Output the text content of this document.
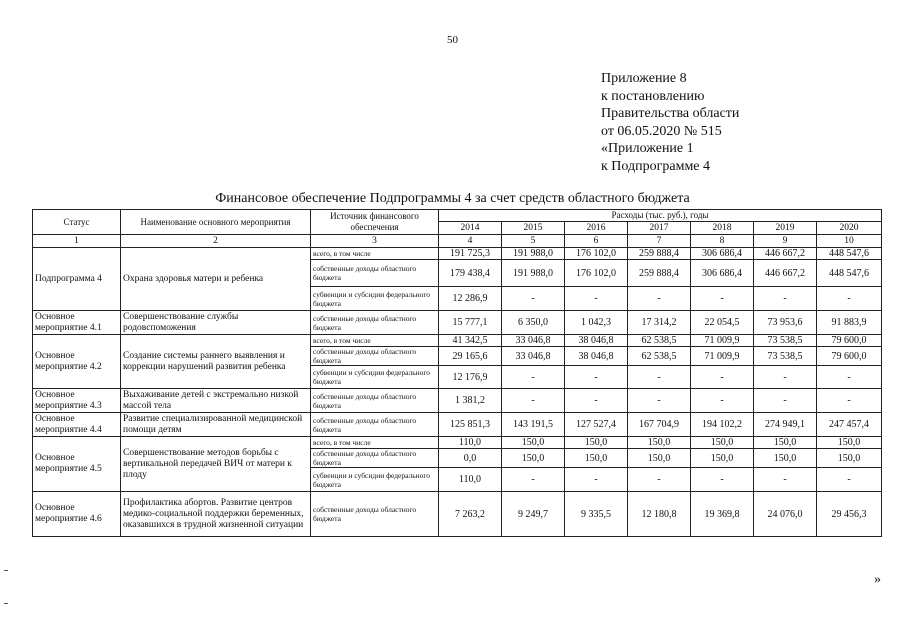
50
Приложение 8
к постановлению
Правительства области
от 06.05.2020 № 515
«Приложение 1
к Подпрограмме 4
Финансовое обеспечение Подпрограммы 4 за счет средств областного бюджета
Статус	Наименование основного мероприятия	Источник финансового обеспечения	Расходы (тыс. руб.), годы						
			2014	2015	2016	2017	2018	2019	2020
1	2	3	4	5	6	7	8	9	10
Подпрограмма 4	Охрана здоровья матери и ребенка	всего, в том числе	191 725,3	191 988,0	176 102,0	259 888,4	306 686,4	446 667,2	448 547,6
		собственные доходы областного бюджета	179 438,4	191 988,0	176 102,0	259 888,4	306 686,4	446 667,2	448 547,6
		субвенции и субсидии федерального бюджета	12 286,9	-	-	-	-	-	-
Основное мероприятие 4.1	Совершенствование службы родовспоможения	собственные доходы областного бюджета	15 777,1	6 350,0	1 042,3	17 314,2	22 054,5	73 953,6	91 883,9
Основное мероприятие 4.2	Создание системы раннего выявления и коррекции нарушений развития ребенка	всего, в том числе	41 342,5	33 046,8	38 046,8	62 538,5	71 009,9	73 538,5	79 600,0
		собственные доходы областного бюджета	29 165,6	33 046,8	38 046,8	62 538,5	71 009,9	73 538,5	79 600,0
		субвенции и субсидии федерального бюджета	12 176,9	-	-	-	-	-	-
Основное мероприятие 4.3	Выхаживание детей с экстремально низкой массой тела	собственные доходы областного бюджета	1 381,2	-	-	-	-	-	-
Основное мероприятие 4.4	Развитие специализированной медицинской помощи детям	собственные доходы областного бюджета	125 851,3	143 191,5	127 527,4	167 704,9	194 102,2	274 949,1	247 457,4
Основное мероприятие 4.5	Совершенствование методов борьбы с вертикальной передачей ВИЧ от матери к плоду	всего, в том числе	110,0	150,0	150,0	150,0	150,0	150,0	150,0
		собственные доходы областного бюджета	0,0	150,0	150,0	150,0	150,0	150,0	150,0
		субвенции и субсидии федерального бюджета	110,0	-	-	-	-	-	-
Основное мероприятие 4.6	Профилактика абортов. Развитие центров медико-социальной поддержки беременных, оказавшихся в трудной жизненной ситуации	собственные доходы областного бюджета	7 263,2	9 249,7	9 335,5	12 180,8	19 369,8	24 076,0	29 456,3
»
